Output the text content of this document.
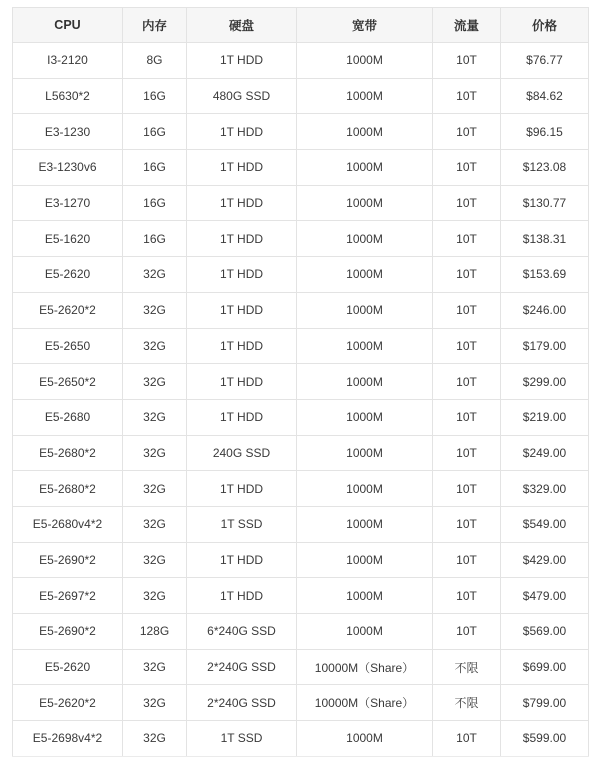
CPU	内存	硬盘	宽带	流量	价格
I3-2120	8G	1T HDD	1000M	10T	$76.77
L5630*2	16G	480G SSD	1000M	10T	$84.62
E3-1230	16G	1T HDD	1000M	10T	$96.15
E3-1230v6	16G	1T HDD	1000M	10T	$123.08
E3-1270	16G	1T HDD	1000M	10T	$130.77
E5-1620	16G	1T HDD	1000M	10T	$138.31
E5-2620	32G	1T HDD	1000M	10T	$153.69
E5-2620*2	32G	1T HDD	1000M	10T	$246.00
E5-2650	32G	1T HDD	1000M	10T	$179.00
E5-2650*2	32G	1T HDD	1000M	10T	$299.00
E5-2680	32G	1T HDD	1000M	10T	$219.00
E5-2680*2	32G	240G SSD	1000M	10T	$249.00
E5-2680*2	32G	1T HDD	1000M	10T	$329.00
E5-2680v4*2	32G	1T SSD	1000M	10T	$549.00
E5-2690*2	32G	1T HDD	1000M	10T	$429.00
E5-2697*2	32G	1T HDD	1000M	10T	$479.00
E5-2690*2	128G	6*240G SSD	1000M	10T	$569.00
E5-2620	32G	2*240G SSD	10000M（Share）	不限	$699.00
E5-2620*2	32G	2*240G SSD	10000M（Share）	不限	$799.00
E5-2698v4*2	32G	1T SSD	1000M	10T	$599.00
